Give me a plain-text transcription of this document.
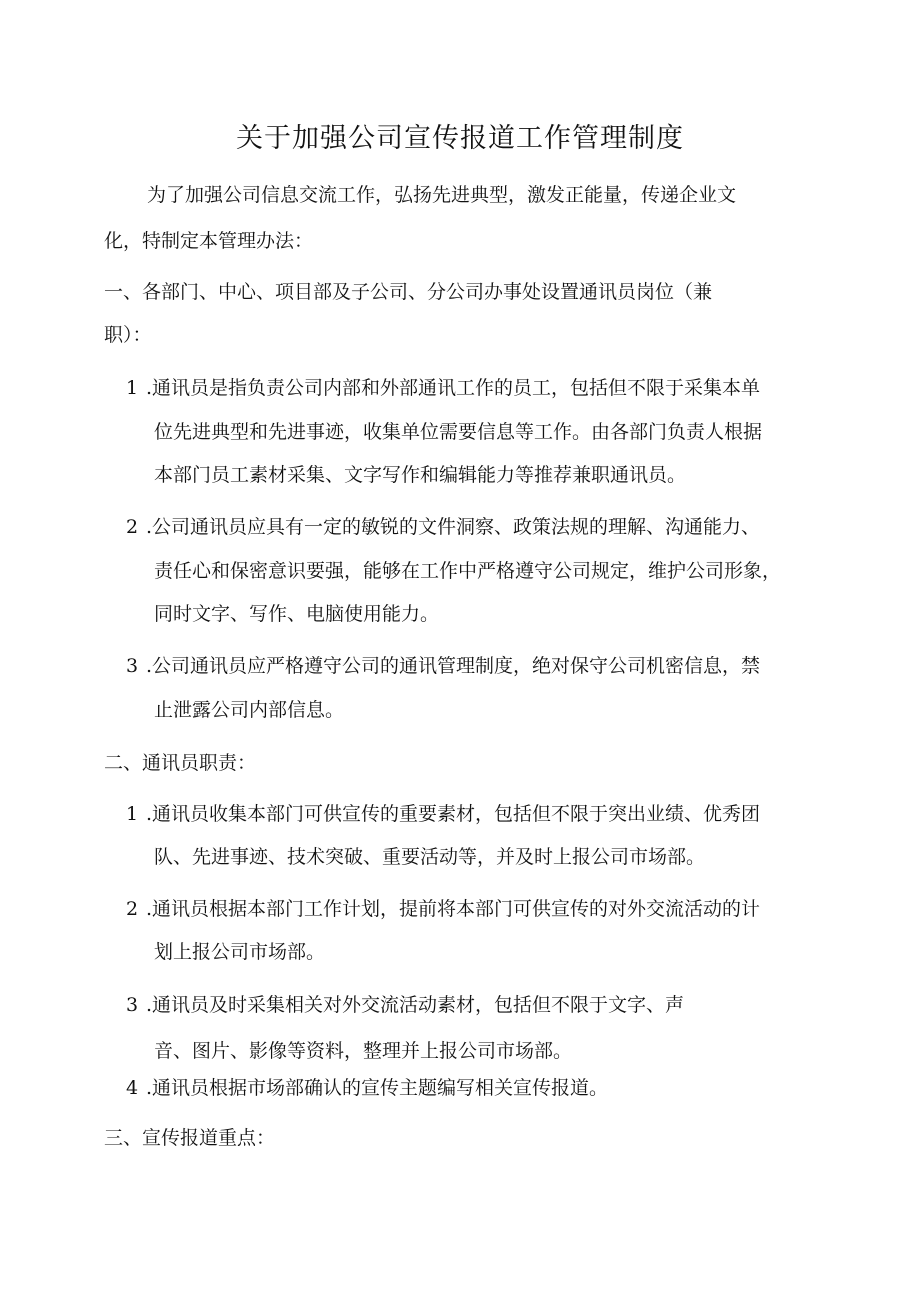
关于加强公司宣传报道工作管理制度
为了加强公司信息交流工作，弘扬先进典型，激发正能量，传递企业文
化，特制定本管理办法：
一、各部门、中心、项目部及子公司、分公司办事处设置通讯员岗位（兼
职）：
1 .通讯员是指负责公司内部和外部通讯工作的员工，包括但不限于采集本单
位先进典型和先进事迹，收集单位需要信息等工作。由各部门负责人根据
本部门员工素材采集、文字写作和编辑能力等推荐兼职通讯员。
2 .公司通讯员应具有一定的敏锐的文件洞察、政策法规的理解、沟通能力、
责任心和保密意识要强，能够在工作中严格遵守公司规定，维护公司形象，
同时文字、写作、电脑使用能力。
3 .公司通讯员应严格遵守公司的通讯管理制度，绝对保守公司机密信息，禁
止泄露公司内部信息。
二、通讯员职责：
1 .通讯员收集本部门可供宣传的重要素材，包括但不限于突出业绩、优秀团
队、先进事迹、技术突破、重要活动等，并及时上报公司市场部。
2 .通讯员根据本部门工作计划，提前将本部门可供宣传的对外交流活动的计
划上报公司市场部。
3 .通讯员及时采集相关对外交流活动素材，包括但不限于文字、声
音、图片、影像等资料，整理并上报公司市场部。
4 .通讯员根据市场部确认的宣传主题编写相关宣传报道。
三、宣传报道重点：
